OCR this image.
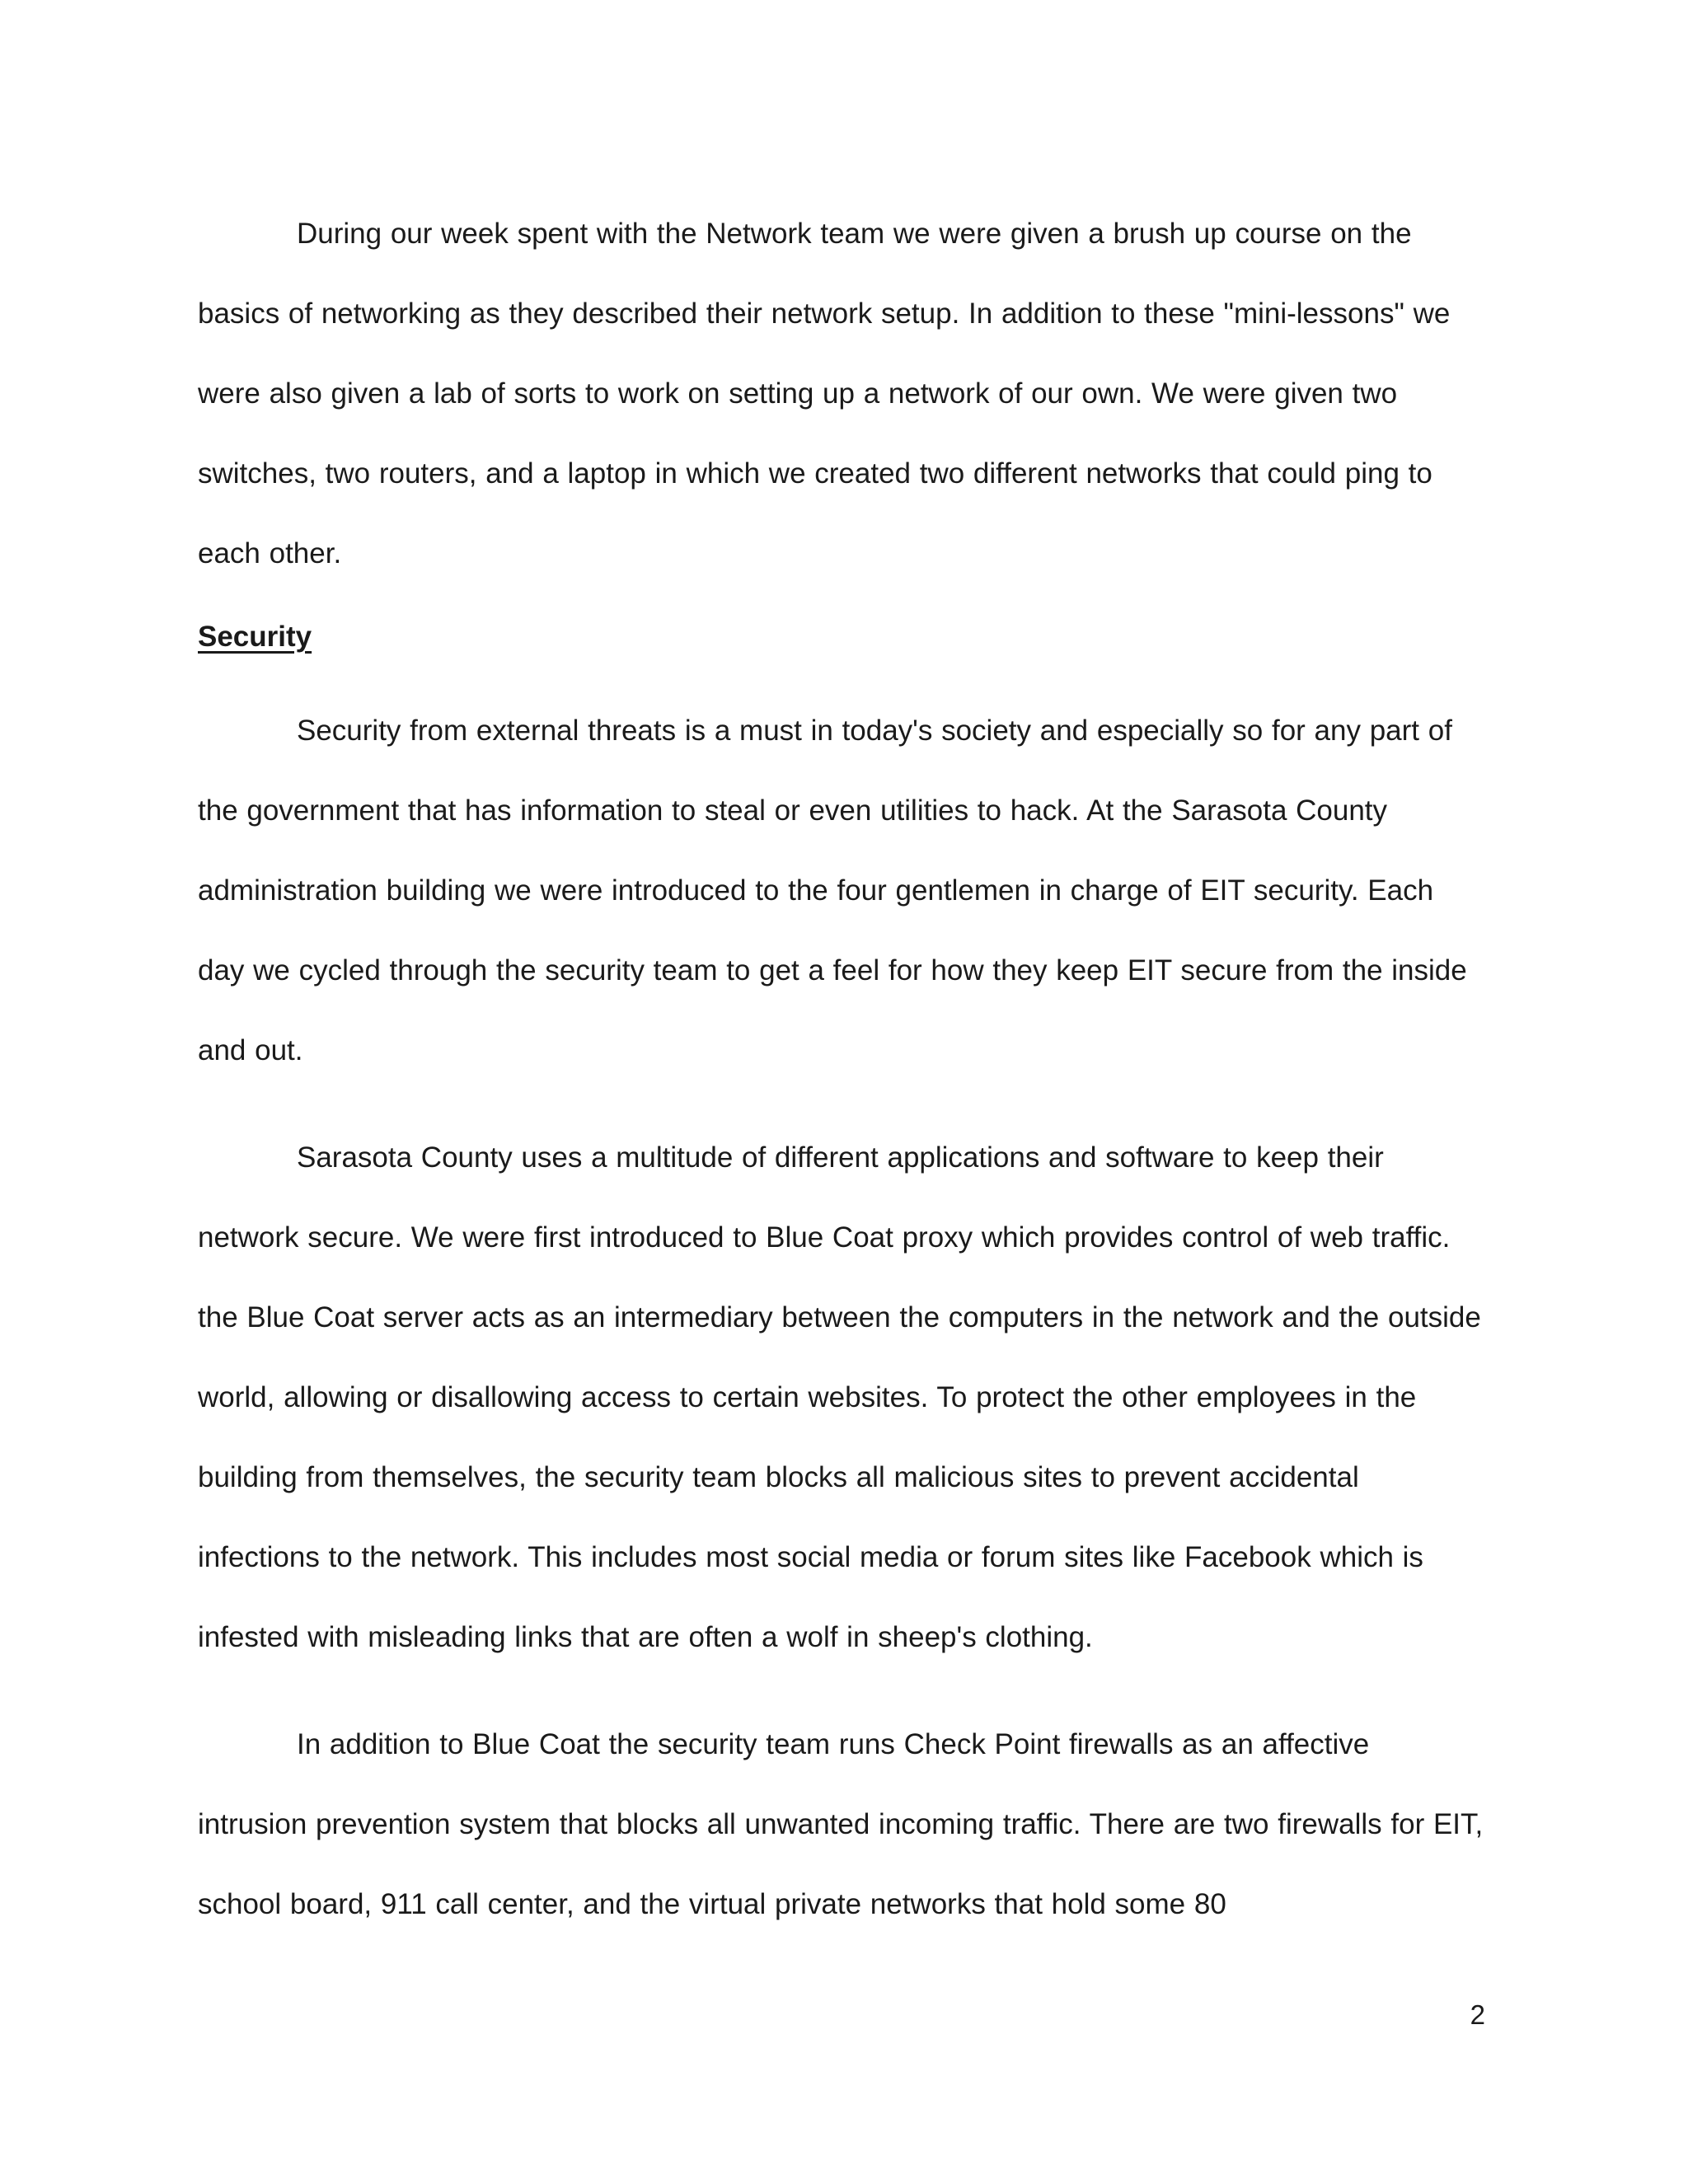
During our week spent with the Network team we were given a brush up course on the basics of networking as they described their network setup. In addition to these "mini-lessons" we were also given a lab of sorts to work on setting up a network of our own. We were given two switches, two routers, and a laptop in which we created two different networks that could ping to each other.

Security

Security from external threats is a must in today's society and especially so for any part of the government that has information to steal or even utilities to hack. At the Sarasota County administration building we were introduced to the four gentlemen in charge of EIT security. Each day we cycled through the security team to get a feel for how they keep EIT secure from the inside and out.

Sarasota County uses a multitude of different applications and software to keep their network secure. We were first introduced to Blue Coat proxy which provides control of web traffic. the Blue Coat server acts as an intermediary between the computers in the network and the outside world, allowing or disallowing access to certain websites. To protect the other employees in the building from themselves, the security team blocks all malicious sites to prevent accidental infections to the network. This includes most social media or forum sites like Facebook which is infested with misleading links that are often a wolf in sheep's clothing.

In addition to Blue Coat the security team runs Check Point firewalls as an affective intrusion prevention system that blocks all unwanted incoming traffic. There are two firewalls for EIT, school board, 911 call center, and the virtual private networks that hold some 80

2
